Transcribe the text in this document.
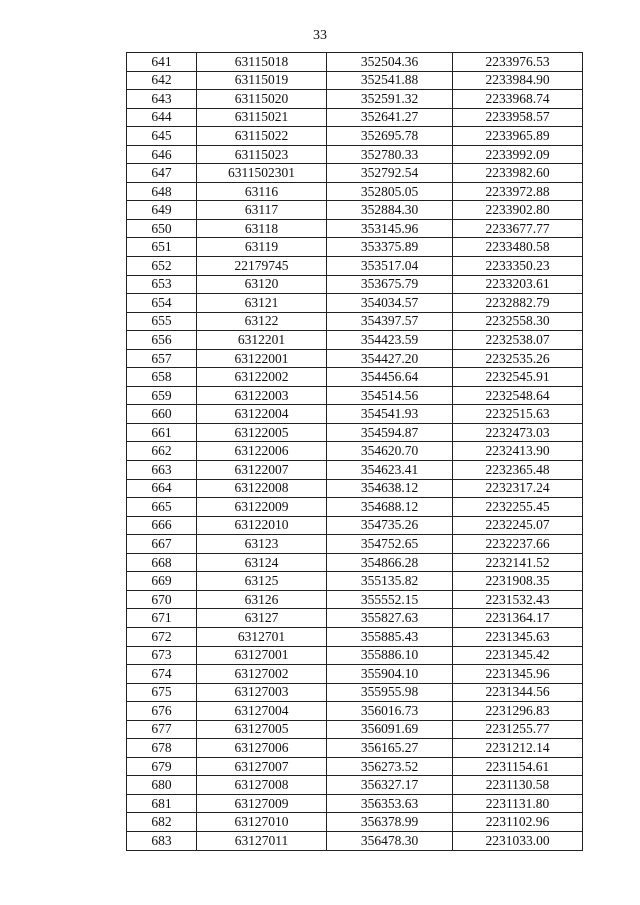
33
641	63115018	352504.36	2233976.53
642	63115019	352541.88	2233984.90
643	63115020	352591.32	2233968.74
644	63115021	352641.27	2233958.57
645	63115022	352695.78	2233965.89
646	63115023	352780.33	2233992.09
647	6311502301	352792.54	2233982.60
648	63116	352805.05	2233972.88
649	63117	352884.30	2233902.80
650	63118	353145.96	2233677.77
651	63119	353375.89	2233480.58
652	22179745	353517.04	2233350.23
653	63120	353675.79	2233203.61
654	63121	354034.57	2232882.79
655	63122	354397.57	2232558.30
656	6312201	354423.59	2232538.07
657	63122001	354427.20	2232535.26
658	63122002	354456.64	2232545.91
659	63122003	354514.56	2232548.64
660	63122004	354541.93	2232515.63
661	63122005	354594.87	2232473.03
662	63122006	354620.70	2232413.90
663	63122007	354623.41	2232365.48
664	63122008	354638.12	2232317.24
665	63122009	354688.12	2232255.45
666	63122010	354735.26	2232245.07
667	63123	354752.65	2232237.66
668	63124	354866.28	2232141.52
669	63125	355135.82	2231908.35
670	63126	355552.15	2231532.43
671	63127	355827.63	2231364.17
672	6312701	355885.43	2231345.63
673	63127001	355886.10	2231345.42
674	63127002	355904.10	2231345.96
675	63127003	355955.98	2231344.56
676	63127004	356016.73	2231296.83
677	63127005	356091.69	2231255.77
678	63127006	356165.27	2231212.14
679	63127007	356273.52	2231154.61
680	63127008	356327.17	2231130.58
681	63127009	356353.63	2231131.80
682	63127010	356378.99	2231102.96
683	63127011	356478.30	2231033.00
